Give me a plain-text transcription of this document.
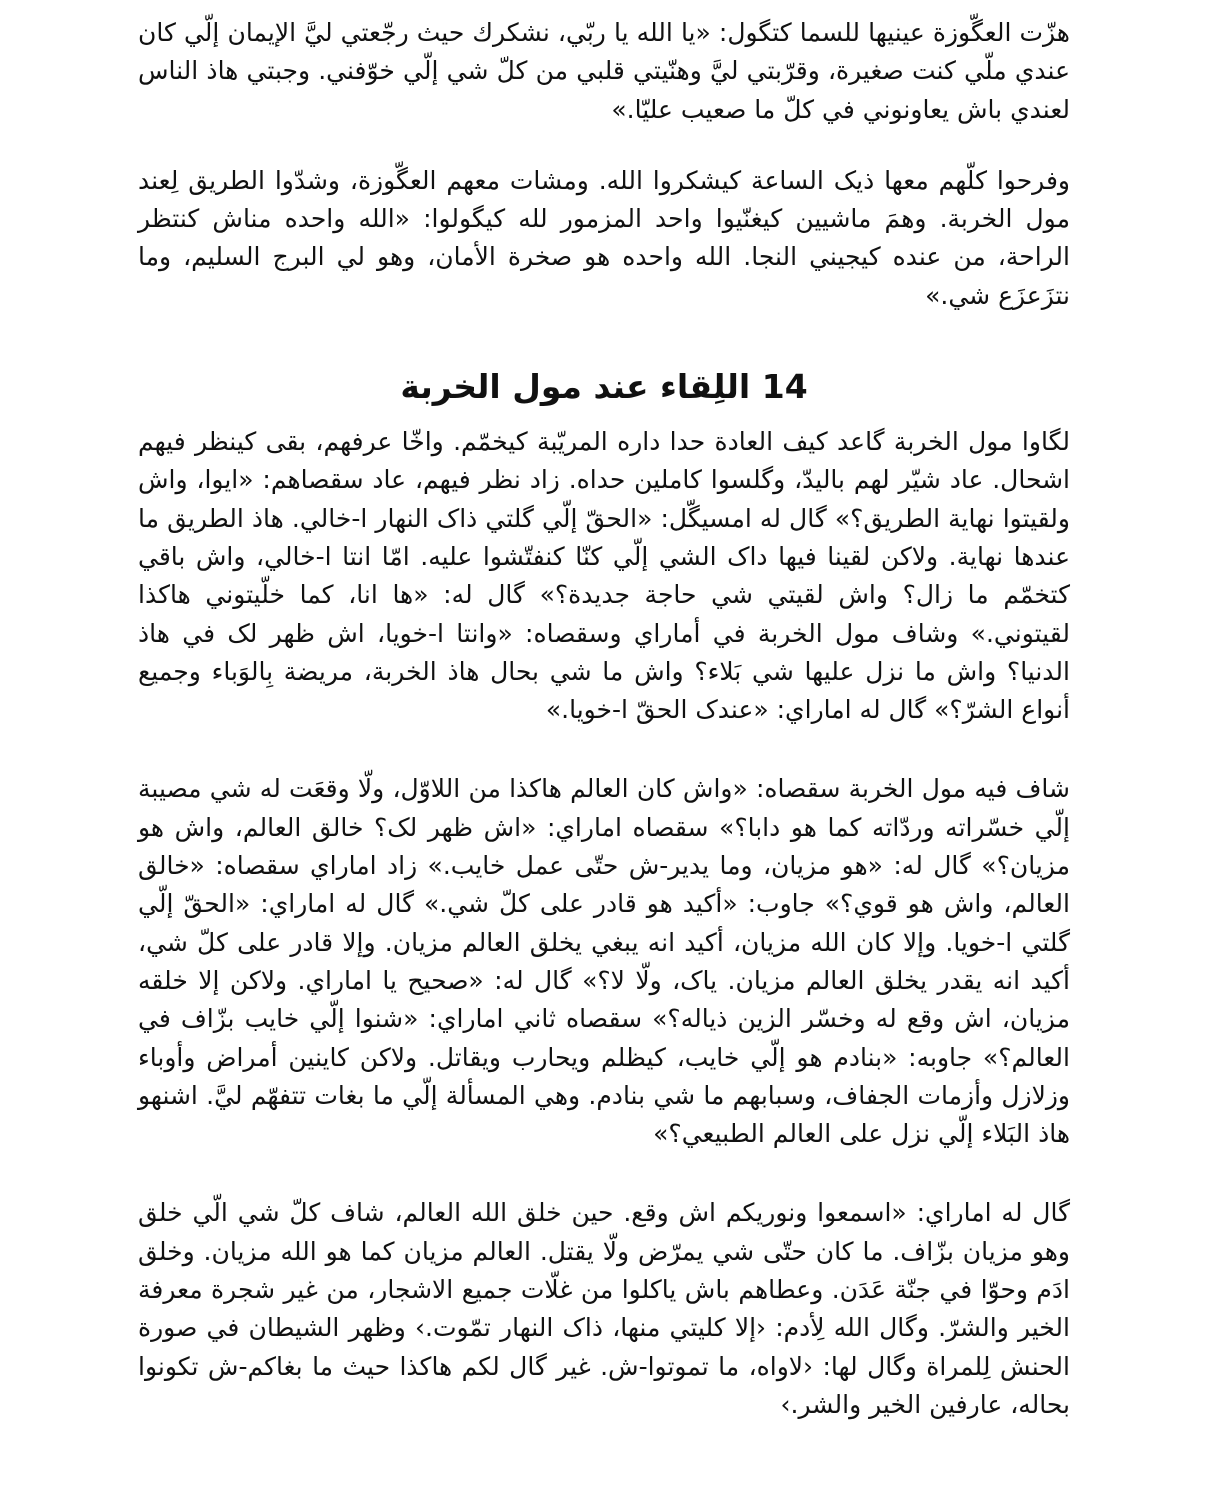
هزّت العگّوزة عينيها للسما كتگول: «يا الله يا ربّي، نشكرك حيث رجّعتي ليَّ الإيمان إلّي كان عندي ملّي كنت صغيرة، وقرّبتي ليَّ وهنّيتي قلبي من كلّ شي إلّي خوّفني. وجبتي هاذ الناس لعندي باش يعاونوني في كلّ ما صعيب عليّا.»

وفرحوا كلّهم معها ذيک الساعة كيشكروا الله. ومشات معهم العگّوزة، وشدّوا الطريق لِعند مول الخربة. وهمَ ماشيين كيغنّيوا واحد المزمور لله كيگولوا: «الله واحده مناش كنتظر الراحة، من عنده كيجيني النجا. الله واحده هو صخرة الأمان، وهو لي البرج السليم، وما نتزَعزَع شي.»

14 اللِقاء عند مول الخربة

لگاوا مول الخربة گاعد كيف العادة حدا داره المريّبة كيخمّم. واخّا عرفهم، بقى كينظر فيهم اشحال. عاد شيّر لهم باليدّ، وگلسوا كاملين حداه. زاد نظر فيهم، عاد سقصاهم: «ايوا، واش ولقيتوا نهاية الطريق؟» گال له امسيگّل: «الحقّ إلّي گلتي ذاک النهار ا-خالي. هاذ الطريق ما عندها نهاية. ولاكن لقينا فيها داک الشي إلّي كنّا كنفتّشوا عليه. امّا انتا ا-خالي، واش باقي كتخمّم ما زال؟ واش لقيتي شي حاجة جديدة؟» گال له: «ها انا، كما خلّيتوني هاكذا لقيتوني.» وشاف مول الخربة في أماراي وسقصاه: «وانتا ا-خويا، اش ظهر لک في هاذ الدنيا؟ واش ما نزل عليها شي بَلاء؟ واش ما شي بحال هاذ الخربة، مريضة بِالوَباء وجميع أنواع الشرّ؟» گال له اماراي: «عندک الحقّ ا-خويا.»

شاف فيه مول الخربة سقصاه: «واش كان العالم هاكذا من اللاوّل، ولّا وقعَت له شي مصيبة إلّي خسّراته وردّاته كما هو دابا؟» سقصاه اماراي: «اش ظهر لک؟ خالق العالم، واش هو مزيان؟» گال له: «هو مزيان، وما يدير-ش حتّى عمل خايب.» زاد اماراي سقصاه: «خالق العالم، واش هو قوي؟» جاوب: «أكيد هو قادر على كلّ شي.» گال له اماراي: «الحقّ إلّي گلتي ا-خويا. وإلا كان الله مزيان، أكيد انه يبغي يخلق العالم مزيان. وإلا قادر على كلّ شي، أكيد انه يقدر يخلق العالم مزيان. ياک، ولّا لا؟» گال له: «صحيح يا اماراي. ولاكن إلا خلقه مزيان، اش وقع له وخسّر الزين ذياله؟» سقصاه ثاني اماراي: «شنوا إلّي خايب بزّاف في العالم؟» جاوبه: «بنادم هو إلّي خايب، كيظلم ويحارب ويقاتل. ولاكن كاينين أمراض وأوباء وزلازل وأزمات الجفاف، وسبابهم ما شي بنادم. وهي المسألة إلّي ما بغات تتفهّم ليَّ. اشنهو هاذ البَلاء إلّي نزل على العالم الطبيعي؟»

گال له اماراي: «اسمعوا ونوريكم اش وقع. حين خلق الله العالم، شاف كلّ شي الّي خلق وهو مزيان بزّاف. ما كان حتّى شي يمرّض ولّا يقتل. العالم مزيان كما هو الله مزيان. وخلق ادَم وحوّا في جنّة عَدَن. وعطاهم باش ياكلوا من غلّات جميع الاشجار، من غير شجرة معرفة الخير والشرّ. وگال الله لِأدم: ‹إلا كليتي منها، ذاک النهار تمّوت.› وظهر الشيطان في صورة الحنش لِلمراة وگال لها: ‹لاواه، ما تموتوا-ش. غير گال لكم هاكذا حيث ما بغاكم-ش تكونوا بحاله، عارفين الخير والشر.›
